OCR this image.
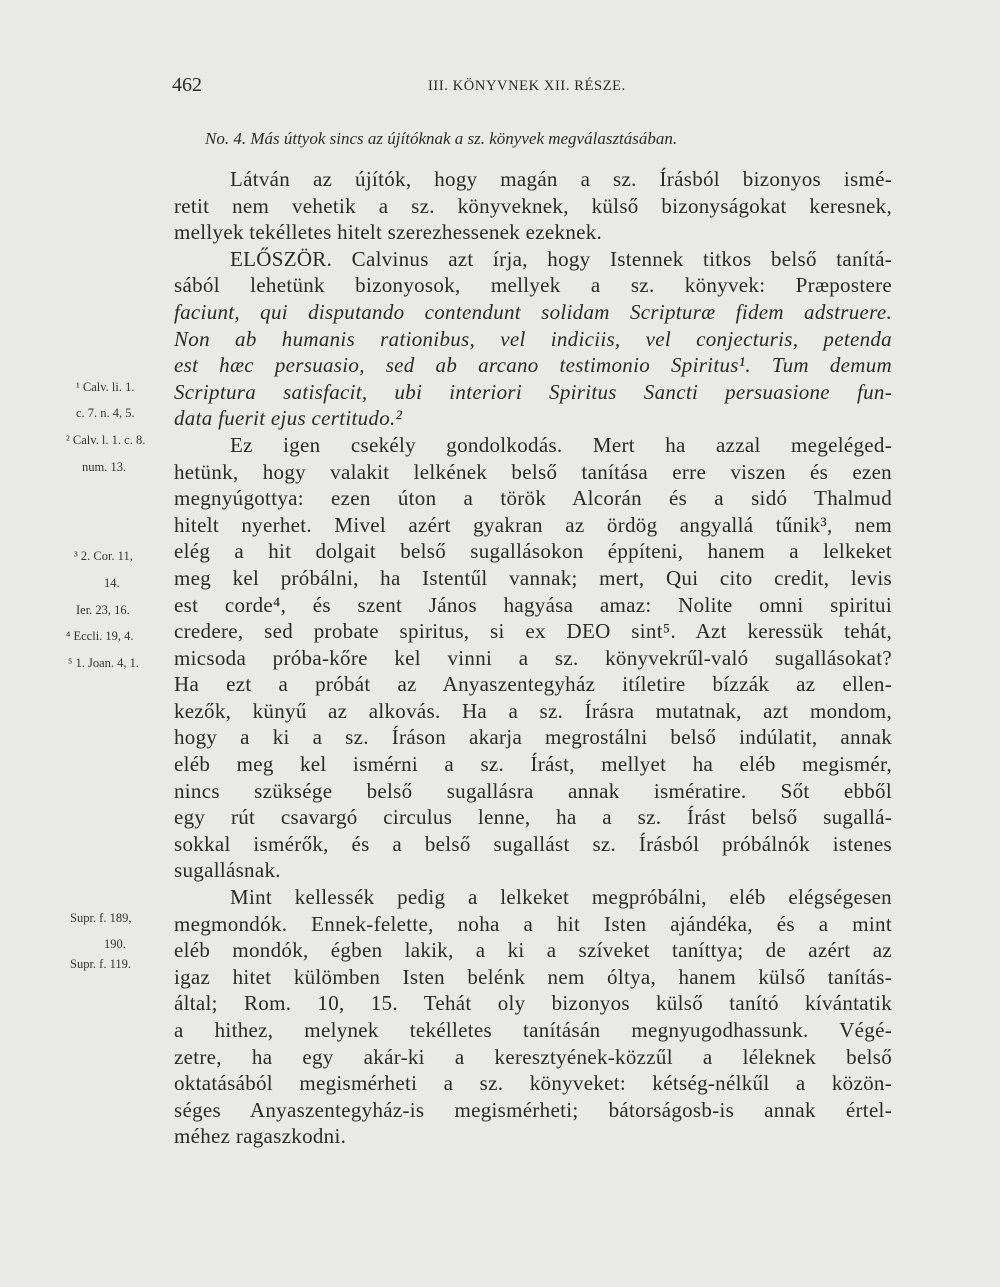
462	III. KÖNYVNEK XII. RÉSZE.
No. 4. Más úttyok sincs az újítóknak a sz. könyvek megválasztásában.
Látván az újítók, hogy magán a sz. Írásból bizonyos ismé-
retit nem vehetik a sz. könyveknek, külső bizonyságokat keresnek,
mellyek tekélletes hitelt szerezhessenek ezeknek.
ELŐSZÖR. Calvinus azt írja, hogy Istennek titkos belső tanítá-
sából lehetünk bizonyosok, mellyek a sz. könyvek: Præpostere
faciunt, qui disputando contendunt solidam Scripturæ fidem adstruere.
Non ab humanis rationibus, vel indiciis, vel conjecturis, petenda
est hæc persuasio, sed ab arcano testimonio Spiritus¹. Tum demum
Scriptura satisfacit, ubi interiori Spiritus Sancti persuasione fun-
data fuerit ejus certitudo.²
Ez igen csekély gondolkodás. Mert ha azzal megeléged-
hetünk, hogy valakit lelkének belső tanítása erre viszen és ezen
megnyúgottya: ezen úton a török Alcorán és a sidó Thalmud
hitelt nyerhet. Mivel azért gyakran az ördög angyallá tűnik³, nem
elég a hit dolgait belső sugallásokon éppíteni, hanem a lelkeket
meg kel próbálni, ha Istentűl vannak; mert, Qui cito credit, levis
est corde⁴, és szent János hagyása amaz: Nolite omni spiritui
credere, sed probate spiritus, si ex DEO sint⁵. Azt keressük tehát,
micsoda próba-kőre kel vinni a sz. könyvekrűl-való sugallásokat?
Ha ezt a próbát az Anyaszentegyház itíletire bízzák az ellen-
kezők, künyű az alkovás. Ha a sz. Írásra mutatnak, azt mondom,
hogy a ki a sz. Íráson akarja megrostálni belső indúlatit, annak
eléb meg kel ismérni a sz. Írást, mellyet ha eléb megismér,
nincs szüksége belső sugallásra annak ismératire. Sőt ebből
egy rút csavargó circulus lenne, ha a sz. Írást belső sugallá-
sokkal ismérők, és a belső sugallást sz. Írásból próbálnók istenes
sugallásnak.
Mint kellessék pedig a lelkeket megpróbálni, eléb elégségesen
megmondók. Ennek-felette, noha a hit Isten ajándéka, és a mint
eléb mondók, égben lakik, a ki a szíveket taníttya; de azért az
igaz hitet külömben Isten belénk nem óltya, hanem külső tanítás-
által; Rom. 10, 15. Tehát oly bizonyos külső tanító kívántatik
a hithez, melynek tekélletes tanításán megnyugodhassunk. Végé-
zetre, ha egy akár-ki a keresztyének-közzűl a léleknek belső
oktatásából megismérheti a sz. könyveket: kétség-nélkűl a közön-
séges Anyaszentegyház-is megismérheti; bátorságosb-is annak értel-
méhez ragaszkodni.
¹ Calv. li. 1.
c. 7. n. 4, 5.
² Calv. l. 1. c. 8.
num. 13.
³ 2. Cor. 11,
14.
Ier. 23, 16.
⁴ Eccli. 19, 4.
⁵ 1. Joan. 4, 1.
Supr. f. 189,
190.
Supr. f. 119.
